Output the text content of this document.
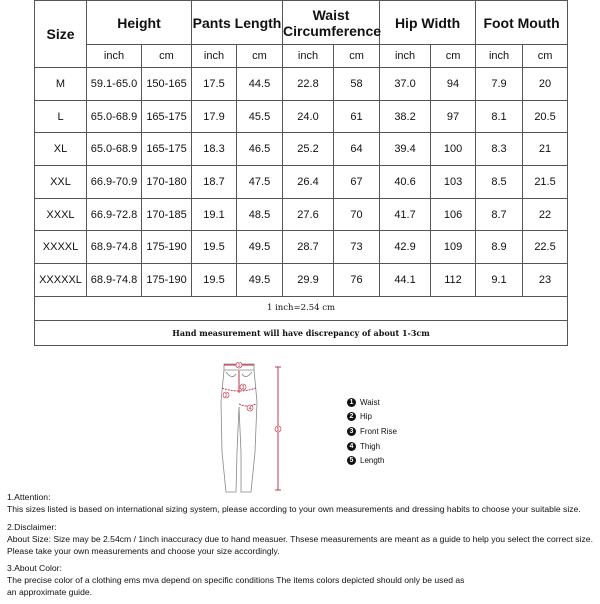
Size	Height		Pants Length		Waist
Circumference		Hip Width		Foot Mouth	
	inch	cm	inch	cm	inch	cm	inch	cm	inch	cm
M	59.1-65.0	150-165	17.5	44.5	22.8	58	37.0	94	7.9	20
L	65.0-68.9	165-175	17.9	45.5	24.0	61	38.2	97	8.1	20.5
XL	65.0-68.9	165-175	18.3	46.5	25.2	64	39.4	100	8.3	21
XXL	66.9-70.9	170-180	18.7	47.5	26.4	67	40.6	103	8.5	21.5
XXXL	66.9-72.8	170-185	19.1	48.5	27.6	70	41.7	106	8.7	22
XXXXL	68.9-74.8	175-190	19.5	49.5	28.7	73	42.9	109	8.9	22.5
XXXXXL	68.9-74.8	175-190	19.5	49.5	29.9	76	44.1	112	9.1	23
1 inch=2.54 cm										
Hand measurement will have discrepancy of about 1-3cm										
1
2
3
4
5
1 Waist
2 Hip
3 Front Rise
4 Thigh
5 Length
1.Attention:
This sizes listed is based on international sizing system, please according to your own measurements and dressing habits to choose your suitable size.
2.Disclaimer:
About Size: Size may be 2.54cm / 1inch inaccuracy due to hand measuer. Thsese measurements are meant as a guide to help you select the correct size.
Please take your own measurements and choose your size accordingly.
3.About Color:
The precise color of a clothing ems mva depend on specific conditions The items colors depicted should only be used as
an approximate guide.
